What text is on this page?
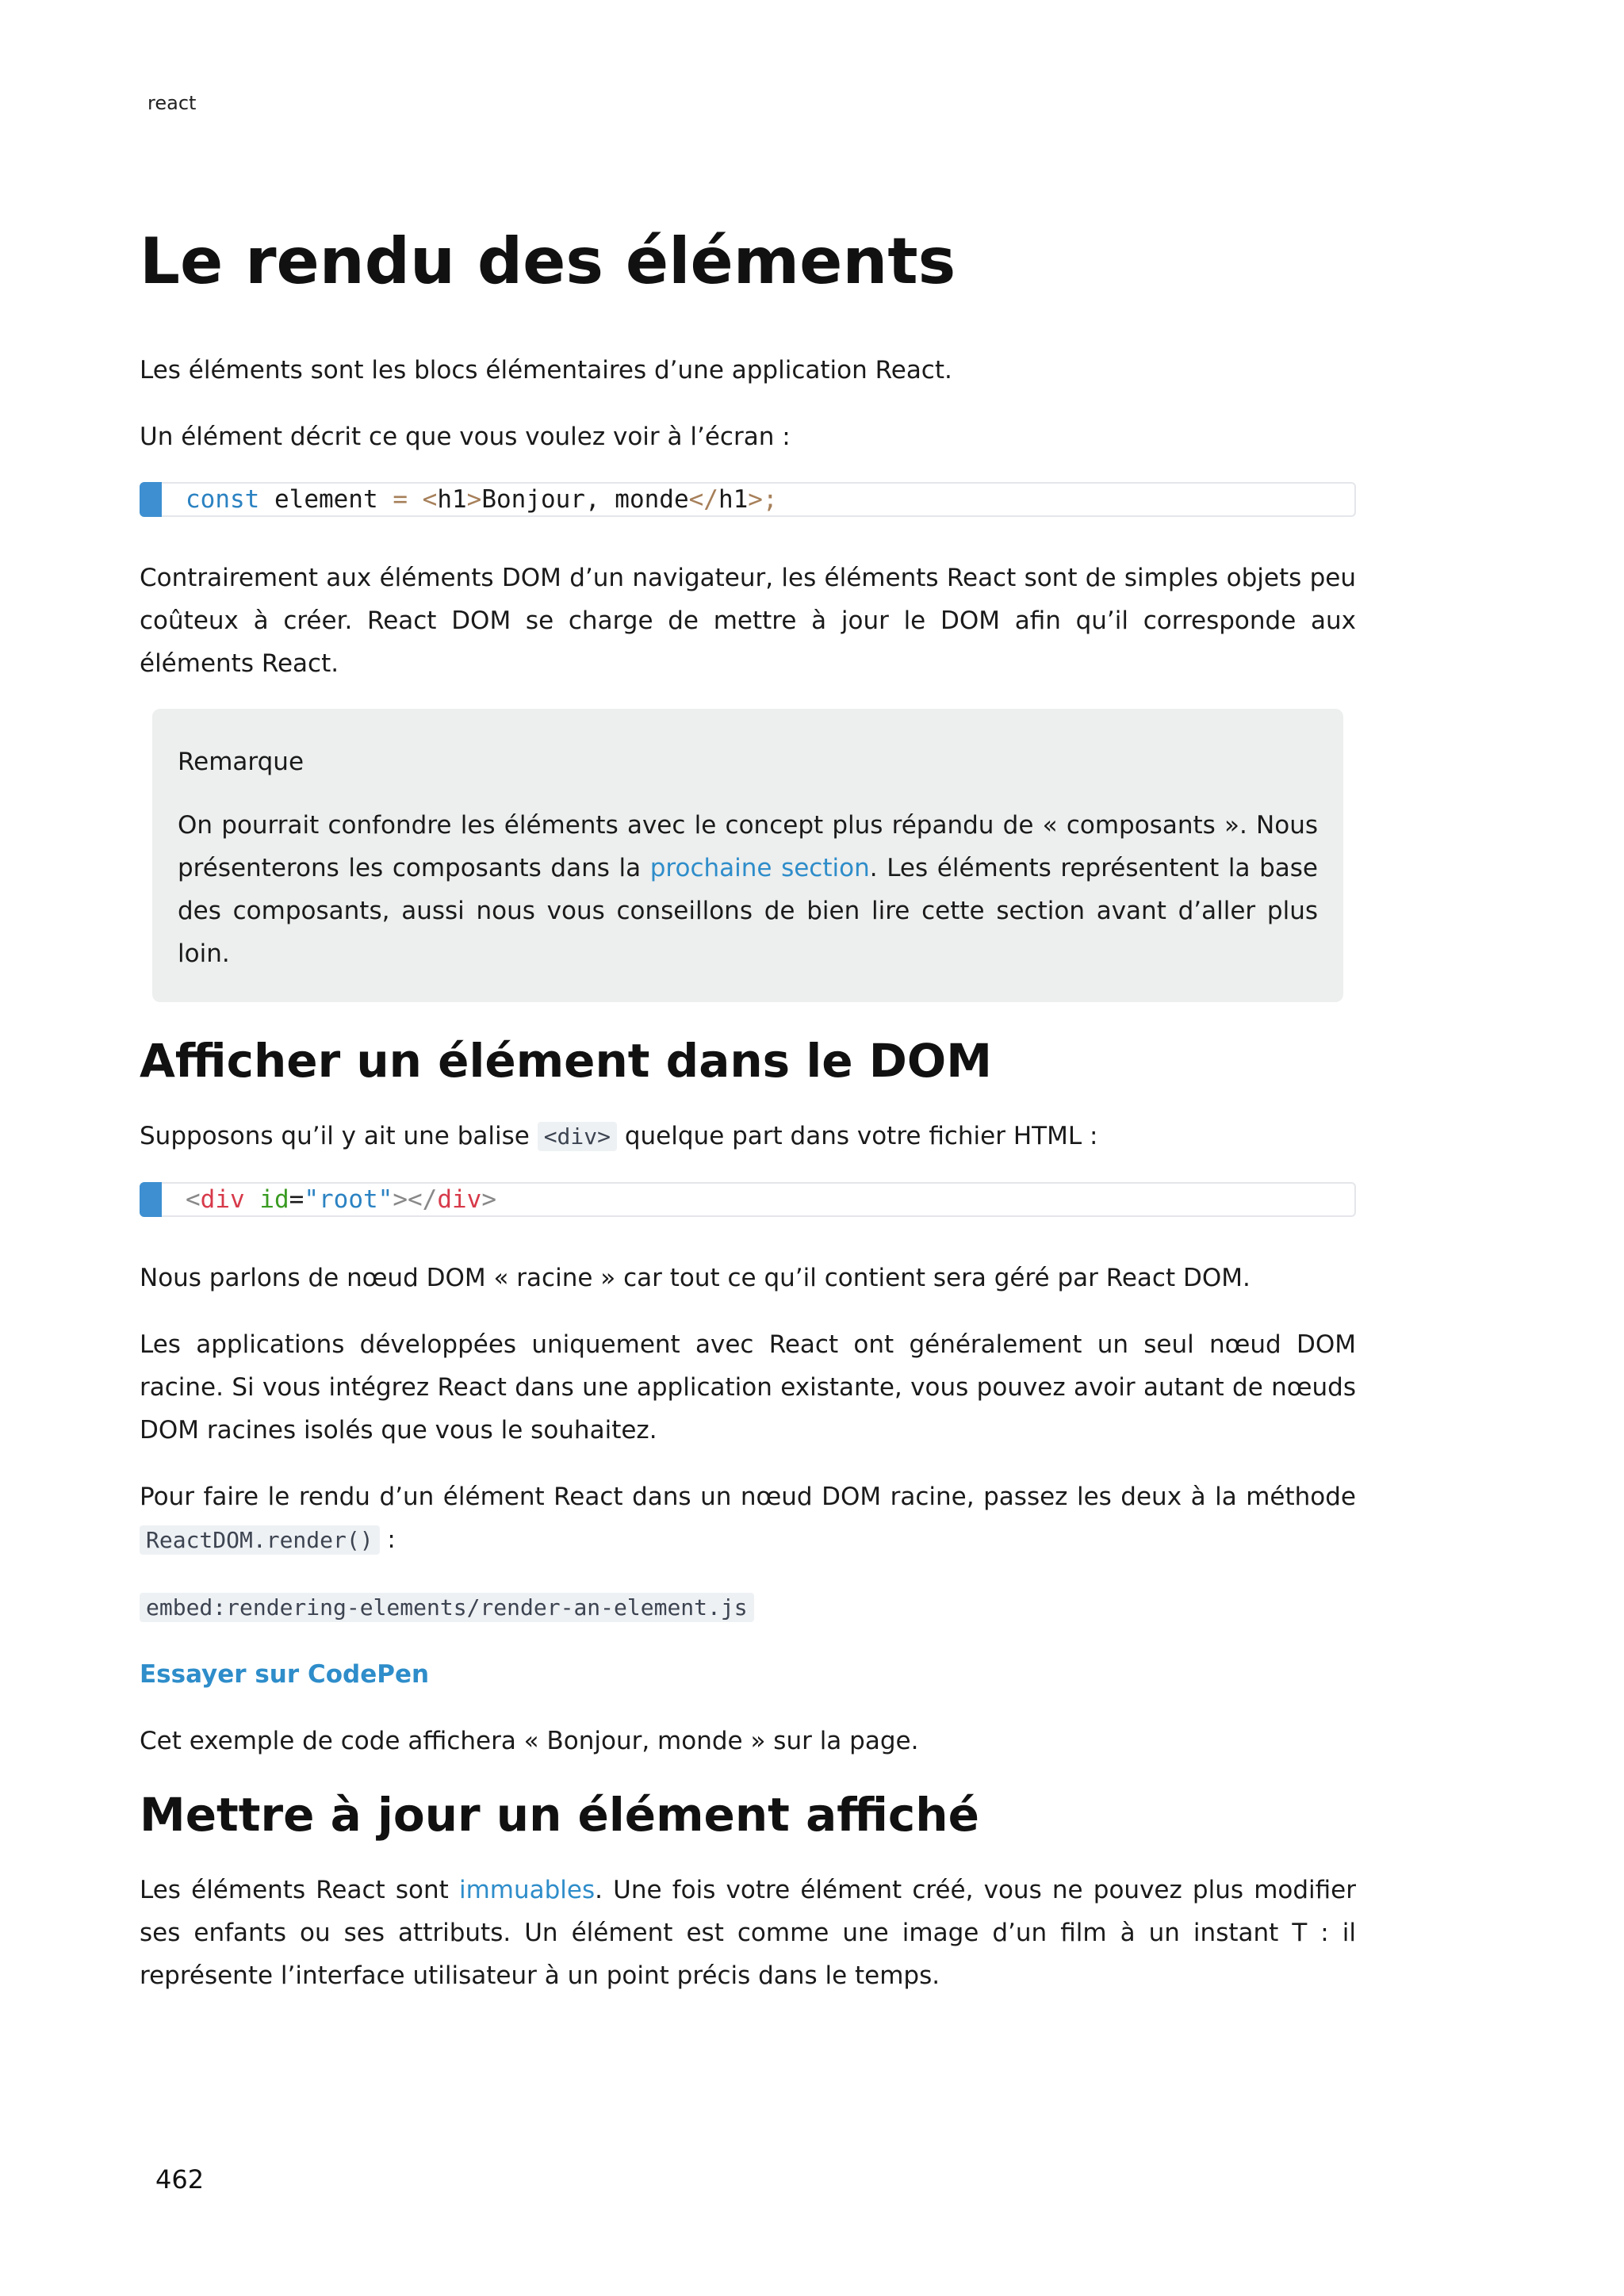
react
Le rendu des éléments

Les éléments sont les blocs élémentaires d’une application React.

Un élément décrit ce que vous voulez voir à l’écran :

const element = <h1>Bonjour, monde</h1>;

Contrairement aux éléments DOM d’un navigateur, les éléments React sont de simples objets peu coûteux à créer. React DOM se charge de mettre à jour le DOM afin qu’il corresponde aux éléments React.

Remarque

On pourrait confondre les éléments avec le concept plus répandu de « composants ». Nous présenterons les composants dans la prochaine section. Les éléments représentent la base des composants, aussi nous vous conseillons de bien lire cette section avant d’aller plus loin.

Afficher un élément dans le DOM

Supposons qu’il y ait une balise <div> quelque part dans votre fichier HTML :

<div id="root"></div>

Nous parlons de nœud DOM « racine » car tout ce qu’il contient sera géré par React DOM.

Les applications développées uniquement avec React ont généralement un seul nœud DOM racine. Si vous intégrez React dans une application existante, vous pouvez avoir autant de nœuds DOM racines isolés que vous le souhaitez.

Pour faire le rendu d’un élément React dans un nœud DOM racine, passez les deux à la méthode ReactDOM.render() :

embed:rendering-elements/render-an-element.js

Essayer sur CodePen

Cet exemple de code affichera « Bonjour, monde » sur la page.

Mettre à jour un élément affiché

Les éléments React sont immuables. Une fois votre élément créé, vous ne pouvez plus modifier ses enfants ou ses attributs. Un élément est comme une image d’un film à un instant T : il représente l’interface utilisateur à un point précis dans le temps.

462
